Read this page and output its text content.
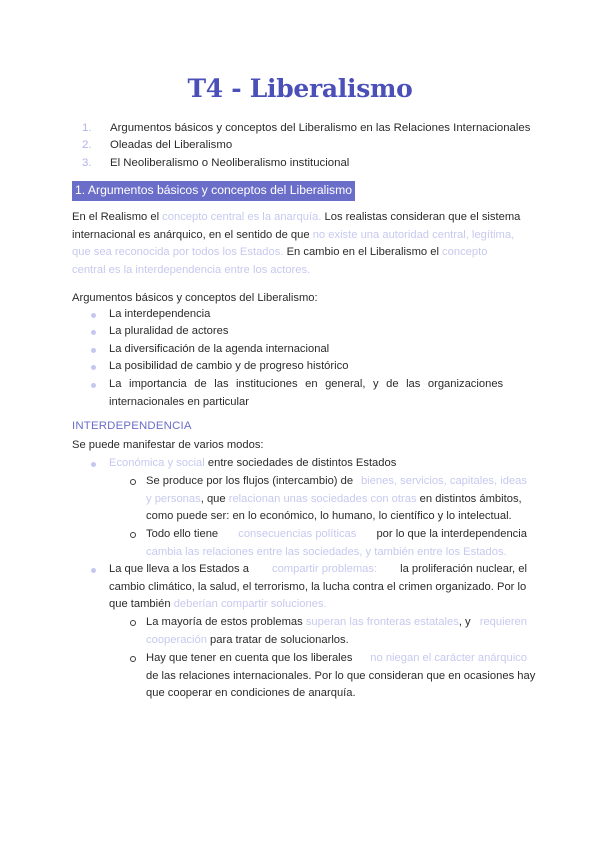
T4 - Liberalismo
1. Argumentos básicos y conceptos del Liberalismo en las Relaciones Internacionales
2. Oleadas del Liberalismo
3. El Neoliberalismo o Neoliberalismo institucional
1. Argumentos básicos y conceptos del Liberalismo
En el Realismo el concepto central es la anarquía. Los realistas consideran que el sistema
internacional es anárquico, en el sentido de que no existe una autoridad central, legítima,
que sea reconocida por todos los Estados. En cambio en el Liberalismo el concepto
central es la interdependencia entre los actores.
Argumentos básicos y conceptos del Liberalismo:
La interdependencia
La pluralidad de actores
La diversificación de la agenda internacional
La posibilidad de cambio y de progreso histórico
La importancia de las instituciones en general, y de las organizaciones
internacionales en particular
INTERDEPENDENCIA
Se puede manifestar de varios modos:
Económica y social entre sociedades de distintos Estados
Se produce por los flujos (intercambio) de bienes, servicios, capitales, ideas
y personas, que relacionan unas sociedades con otras en distintos ámbitos,
como puede ser: en lo económico, lo humano, lo científico y lo intelectual.
Todo ello tiene consecuencias políticas por lo que la interdependencia
cambia las relaciones entre las sociedades, y también entre los Estados.
La que lleva a los Estados a compartir problemas: la proliferación nuclear, el
cambio climático, la salud, el terrorismo, la lucha contra el crimen organizado. Por lo
que también deberían compartir soluciones.
La mayoría de estos problemas superan las fronteras estatales, y requieren
cooperación para tratar de solucionarlos.
Hay que tener en cuenta que los liberales no niegan el carácter anárquico
de las relaciones internacionales. Por lo que consideran que en ocasiones hay
que cooperar en condiciones de anarquía.
